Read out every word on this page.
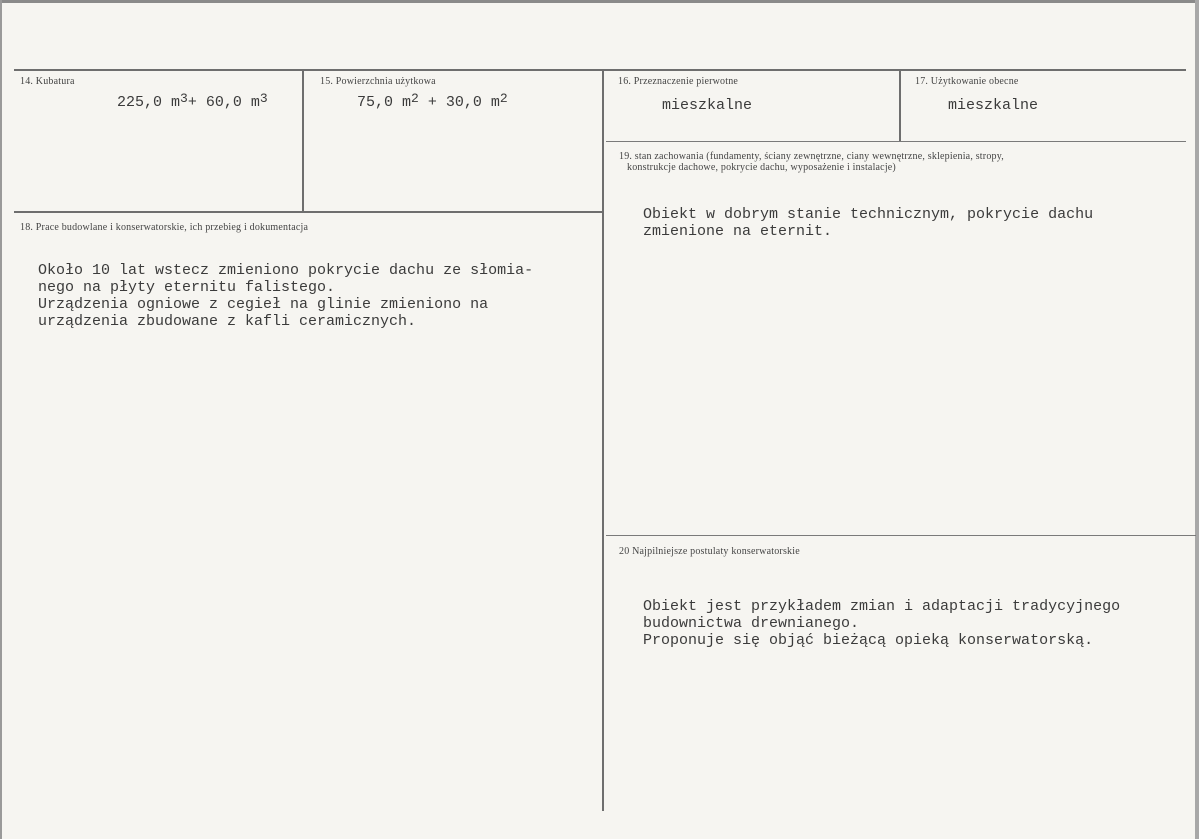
14. Kubatura
225,0 $m^3+ 60,0$ $m^3$
15. Powierzchnia użytkowa
75,0 $m^2 + 30,0$ $m^2$
16. Przeznaczenie pierwotne
mieszkalne
17. Użytkowanie obecne
mieszkalne
18. Prace budowlane i konserwatorskie, ich przebieg i dokumentacja
Około 10 lat wstecz zmieniono pokrycie dachu ze słomia-
nego na płyty eternitu falistego.
Urządzenia ogniowe z cegieł na glinie zmieniono na
urządzenia zbudowane z kafli ceramicznych.
19. stan zachowania (fundamenty, ściany zewnętrzne, ciany wewnętrzne, sklepienia, stropy,
konstrukcje dachowe, pokrycie dachu, wyposażenie i instalacje)
Obiekt w dobrym stanie technicznym, pokrycie dachu
zmienione na eternit.
20 Najpilniejsze postulaty konserwatorskie
Obiekt jest przykładem zmian i adaptacji tradycyjnego
budownictwa drewnianego.
Proponuje się objąć bieżącą opieką konserwatorską.
